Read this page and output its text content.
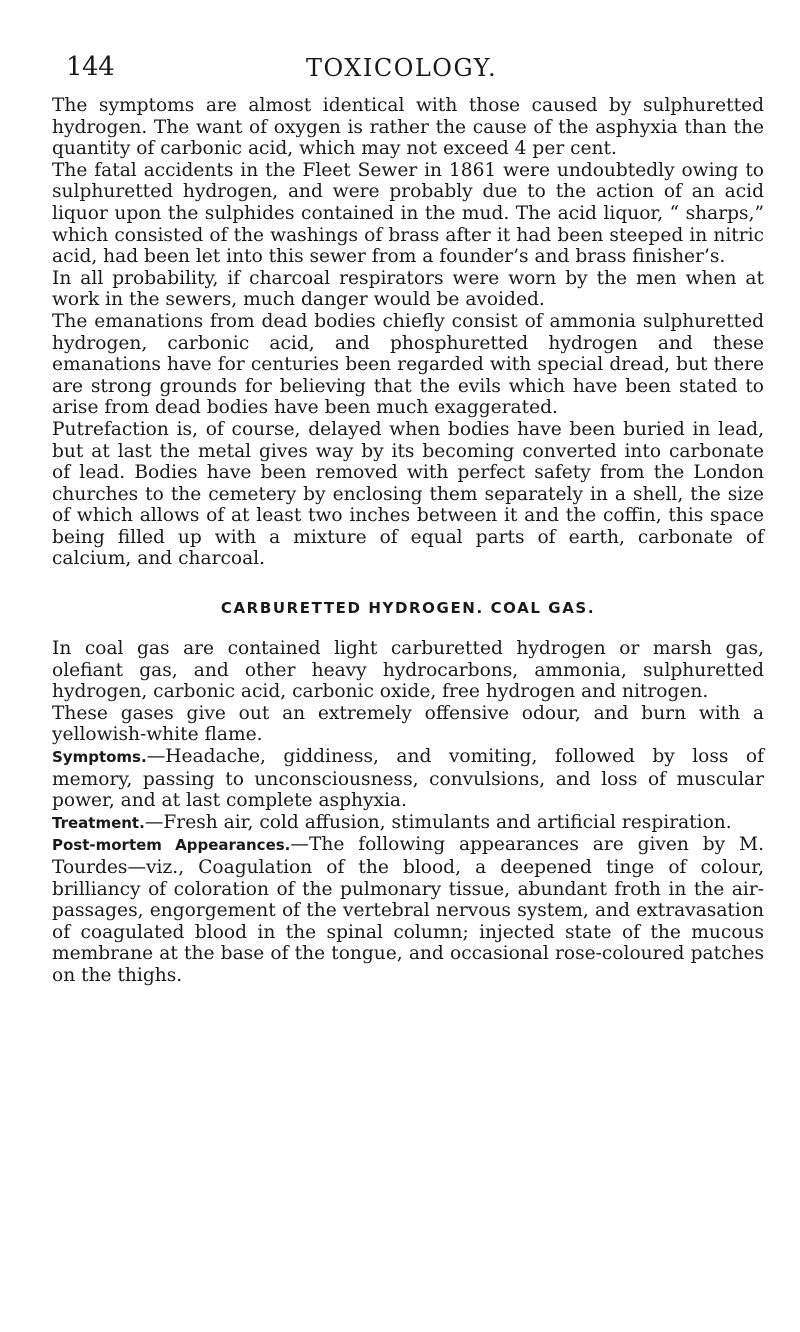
144	TOXICOLOGY.

The symptoms are almost identical with those caused by sulphuretted hydrogen. The want of oxygen is rather the cause of the asphyxia than the quantity of carbonic acid, which may not exceed 4 per cent.

The fatal accidents in the Fleet Sewer in 1861 were undoubtedly owing to sulphuretted hydrogen, and were probably due to the action of an acid liquor upon the sulphides contained in the mud. The acid liquor, “ sharps,” which consisted of the washings of brass after it had been steeped in nitric acid, had been let into this sewer from a founder’s and brass finisher’s.

In all probability, if charcoal respirators were worn by the men when at work in the sewers, much danger would be avoided.

The emanations from dead bodies chiefly consist of ammonia sulphuretted hydrogen, carbonic acid, and phosphuretted hydrogen and these emanations have for centuries been regarded with special dread, but there are strong grounds for believing that the evils which have been stated to arise from dead bodies have been much exaggerated.

Putrefaction is, of course, delayed when bodies have been buried in lead, but at last the metal gives way by its becoming converted into carbonate of lead. Bodies have been removed with perfect safety from the London churches to the cemetery by enclosing them separately in a shell, the size of which allows of at least two inches between it and the coffin, this space being filled up with a mixture of equal parts of earth, carbonate of calcium, and charcoal.

CARBURETTED HYDROGEN. COAL GAS.

In coal gas are contained light carburetted hydrogen or marsh gas, olefiant gas, and other heavy hydrocarbons, ammonia, sulphuretted hydrogen, carbonic acid, carbonic oxide, free hydrogen and nitrogen.

These gases give out an extremely offensive odour, and burn with a yellowish-white flame.

Symptoms.—Headache, giddiness, and vomiting, followed by loss of memory, passing to unconsciousness, convulsions, and loss of muscular power, and at last complete asphyxia.

Treatment.—Fresh air, cold affusion, stimulants and artificial respiration.

Post-mortem Appearances.—The following appearances are given by M. Tourdes—viz., Coagulation of the blood, a deepened tinge of colour, brilliancy of coloration of the pulmonary tissue, abundant froth in the air-passages, engorgement of the vertebral nervous system, and extravasation of coagulated blood in the spinal column; injected state of the mucous membrane at the base of the tongue, and occasional rose-coloured patches on the thighs.
